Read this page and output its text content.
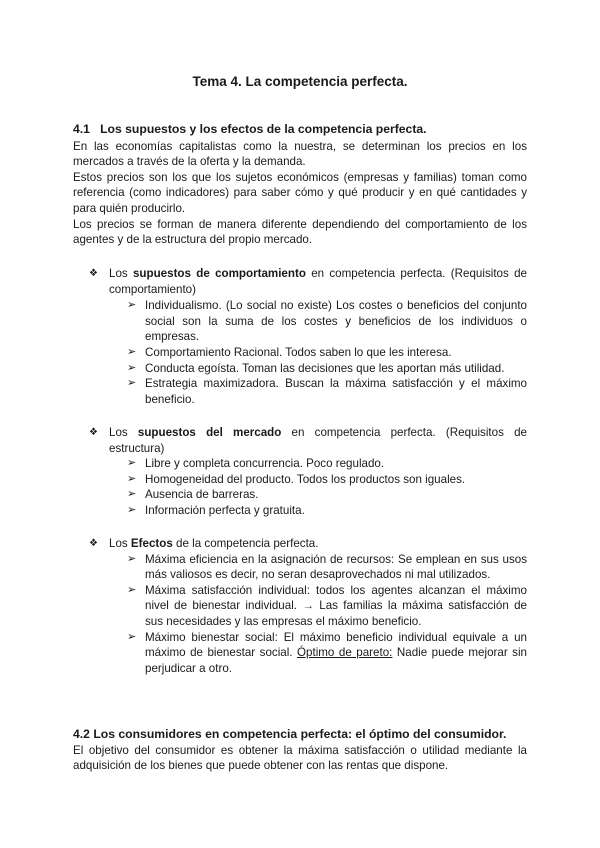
Tema 4. La competencia perfecta.
4.1   Los supuestos y los efectos de la competencia perfecta.
En las economías capitalistas como la nuestra, se determinan los precios en los mercados a través de la oferta y la demanda.
Estos precios son los que los sujetos económicos (empresas y familias) toman como referencia (como indicadores) para saber cómo y qué producir y en qué cantidades y para quién producirlo.
Los precios se forman de manera diferente dependiendo del comportamiento de los agentes y de la estructura del propio mercado.
❖ Los supuestos de comportamiento en competencia perfecta. (Requisitos de comportamiento)
➢ Individualismo. (Lo social no existe) Los costes o beneficios del conjunto social son la suma de los costes y beneficios de los individuos o empresas.
➢ Comportamiento Racional. Todos saben lo que les interesa.
➢ Conducta egoísta. Toman las decisiones que les aportan más utilidad.
➢ Estrategia maximizadora. Buscan la máxima satisfacción y el máximo beneficio.
❖ Los supuestos del mercado en competencia perfecta. (Requisitos de estructura)
➢ Libre y completa concurrencia. Poco regulado.
➢ Homogeneidad del producto. Todos los productos son iguales.
➢ Ausencia de barreras.
➢ Información perfecta y gratuita.
❖ Los Efectos de la competencia perfecta.
➢ Máxima eficiencia en la asignación de recursos: Se emplean en sus usos más valiosos es decir, no seran desaprovechados ni mal utilizados.
➢ Máxima satisfacción individual: todos los agentes alcanzan el máximo nivel de bienestar individual. → Las familias la máxima satisfacción de sus necesidades y las empresas el máximo beneficio.
➢ Máximo bienestar social: El máximo beneficio individual equivale a un máximo de bienestar social. Óptimo de pareto: Nadie puede mejorar sin perjudicar a otro.
4.2 Los consumidores en competencia perfecta: el óptimo del consumidor.
El objetivo del consumidor es obtener la máxima satisfacción o utilidad mediante la adquisición de los bienes que puede obtener con las rentas que dispone.
